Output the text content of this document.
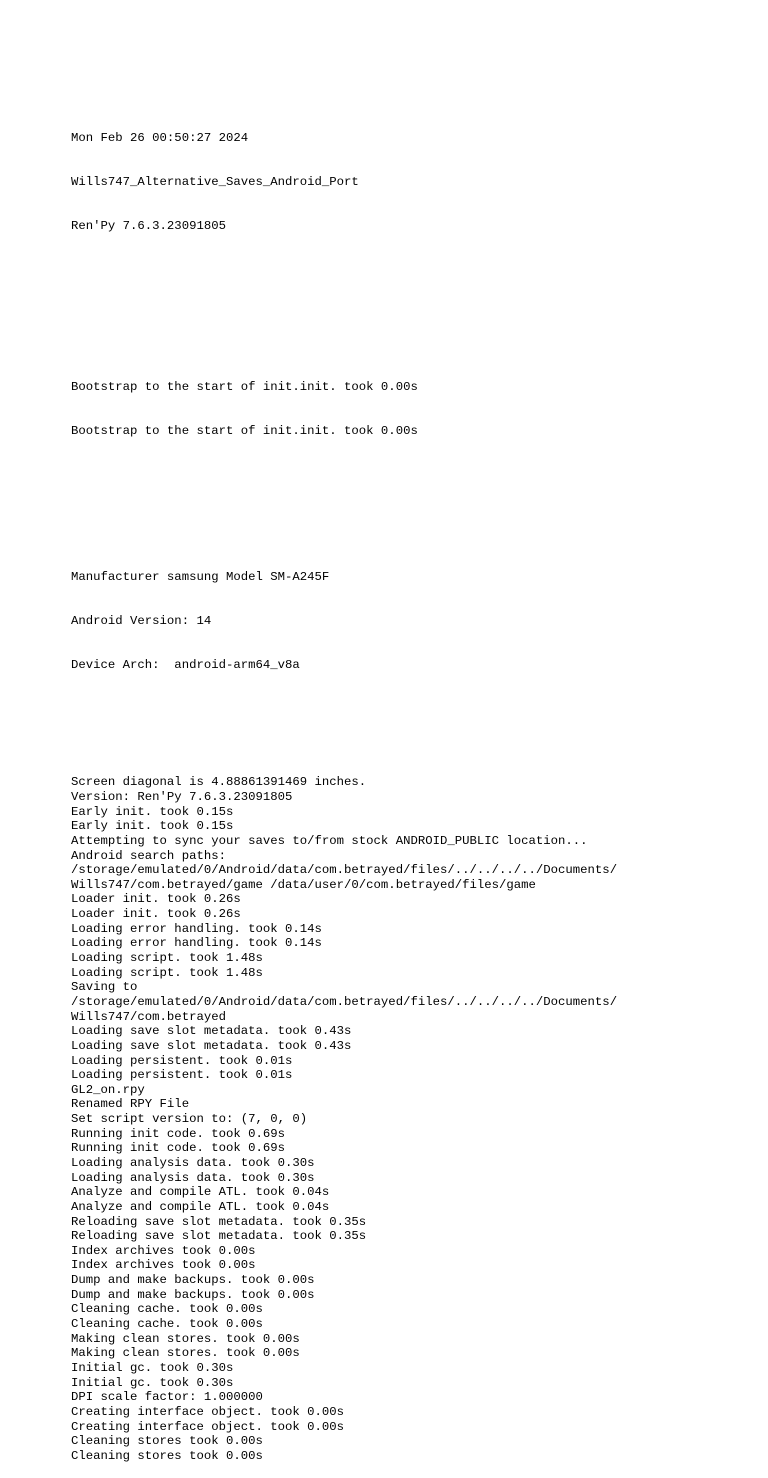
Mon Feb 26 00:50:27 2024

Wills747_Alternative_Saves_Android_Port

Ren'Py 7.6.3.23091805

Bootstrap to the start of init.init. took 0.00s

Bootstrap to the start of init.init. took 0.00s

Manufacturer samsung Model SM-A245F

Android Version: 14

Device Arch:  android-arm64_v8a

Screen diagonal is 4.88861391469 inches.
Version: Ren'Py 7.6.3.23091805
Early init. took 0.15s
Early init. took 0.15s
Attempting to sync your saves to/from stock ANDROID_PUBLIC location...
Android search paths:
/storage/emulated/0/Android/data/com.betrayed/files/../../../../Documents/
Wills747/com.betrayed/game /data/user/0/com.betrayed/files/game
Loader init. took 0.26s
Loader init. took 0.26s
Loading error handling. took 0.14s
Loading error handling. took 0.14s
Loading script. took 1.48s
Loading script. took 1.48s
Saving to
/storage/emulated/0/Android/data/com.betrayed/files/../../../../Documents/
Wills747/com.betrayed
Loading save slot metadata. took 0.43s
Loading save slot metadata. took 0.43s
Loading persistent. took 0.01s
Loading persistent. took 0.01s
GL2_on.rpy
Renamed RPY File
Set script version to: (7, 0, 0)
Running init code. took 0.69s
Running init code. took 0.69s
Loading analysis data. took 0.30s
Loading analysis data. took 0.30s
Analyze and compile ATL. took 0.04s
Analyze and compile ATL. took 0.04s
Reloading save slot metadata. took 0.35s
Reloading save slot metadata. took 0.35s
Index archives took 0.00s
Index archives took 0.00s
Dump and make backups. took 0.00s
Dump and make backups. took 0.00s
Cleaning cache. took 0.00s
Cleaning cache. took 0.00s
Making clean stores. took 0.00s
Making clean stores. took 0.00s
Initial gc. took 0.30s
Initial gc. took 0.30s
DPI scale factor: 1.000000
Creating interface object. took 0.00s
Creating interface object. took 0.00s
Cleaning stores took 0.00s
Cleaning stores took 0.00s
